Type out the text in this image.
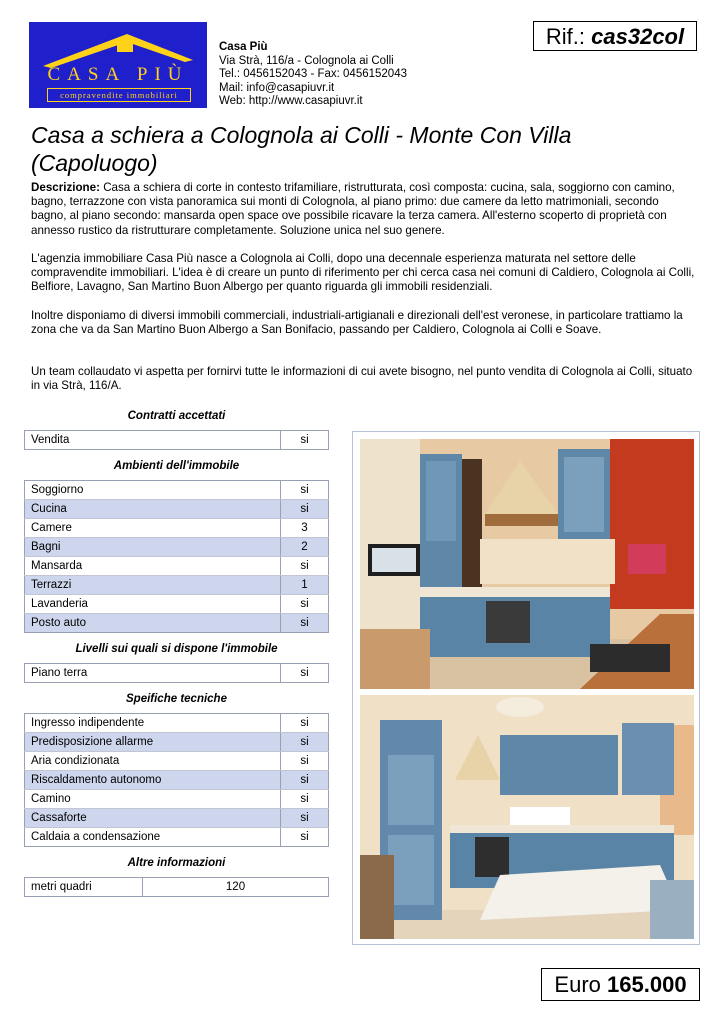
CASA PIÙ
compravendite immobiliari
Casa Più
Via Strà, 116/a - Colognola ai Colli
Tel.: 0456152043 - Fax: 0456152043
Mail: info@casapiuvr.it
Web: http://www.casapiuvr.it
Rif.: cas32col
Casa a schiera a Colognola ai Colli - Monte Con Villa (Capoluogo)

Descrizione: Casa a schiera di corte in contesto trifamiliare, ristrutturata, così composta: cucina, sala, soggiorno con camino, bagno, terrazzone con vista panoramica sui monti di Colognola, al piano primo: due camere da letto matrimoniali, secondo bagno, al piano secondo: mansarda open space ove possibile ricavare la terza camera. All'esterno scoperto di proprietà con annesso rustico da ristrutturare completamente. Soluzione unica nel suo genere.

L'agenzia immobiliare Casa Più nasce a Colognola ai Colli, dopo una decennale esperienza maturata nel settore delle compravendite immobiliari. L'idea è di creare un punto di riferimento per chi cerca casa nei comuni di Caldiero, Colognola ai Colli, Belfiore, Lavagno, San Martino Buon Albergo per quanto riguarda gli immobili residenziali.

Inoltre disponiamo di diversi immobili commerciali, industriali-artigianali e direzionali dell'est veronese, in particolare trattiamo la zona che va da San Martino Buon Albergo a San Bonifacio, passando per Caldiero, Colognola ai Colli e Soave.

Un team collaudato vi aspetta per fornirvi tutte le informazioni di cui avete bisogno, nel punto vendita di Colognola ai Colli, situato in via Strà, 116/A.

Contratti accettati
Vendita	si
Ambienti dell'immobile
Soggiorno	si
Cucina	si
Camere	3
Bagni	2
Mansarda	si
Terrazzi	1
Lavanderia	si
Posto auto	si
Livelli sui quali si dispone l'immobile
Piano terra	si
Speifiche tecniche
Ingresso indipendente	si
Predisposizione allarme	si
Aria condizionata	si
Riscaldamento autonomo	si
Camino	si
Cassaforte	si
Caldaia a condensazione	si
Altre informazioni
metri quadri	120
Euro 165.000
